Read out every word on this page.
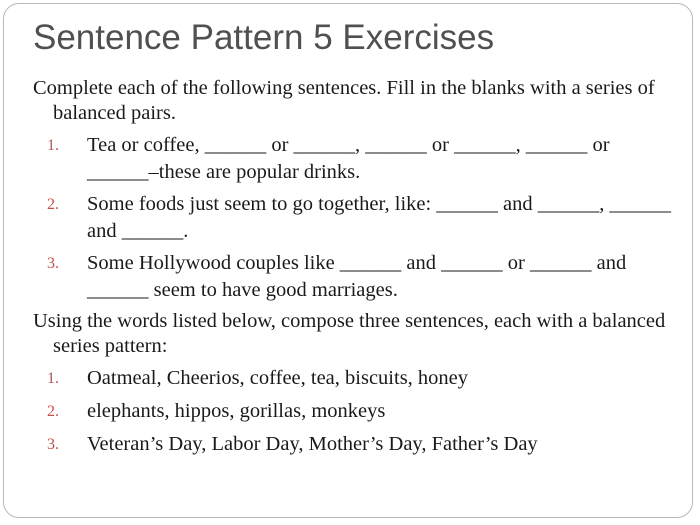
Sentence Pattern 5 Exercises

Complete each of the following sentences. Fill in the blanks with a series of balanced pairs.

1. Tea or coffee, ______ or ______, ______ or ______, ______ or ______–these are popular drinks.
2. Some foods just seem to go together, like: ______ and ______, ______ and ______.
3. Some Hollywood couples like ______ and ______ or ______ and ______ seem to have good marriages.

Using the words listed below, compose three sentences, each with a balanced series pattern:

1. Oatmeal, Cheerios, coffee, tea, biscuits, honey
2. elephants, hippos, gorillas, monkeys
3. Veteran’s Day, Labor Day, Mother’s Day, Father’s Day
